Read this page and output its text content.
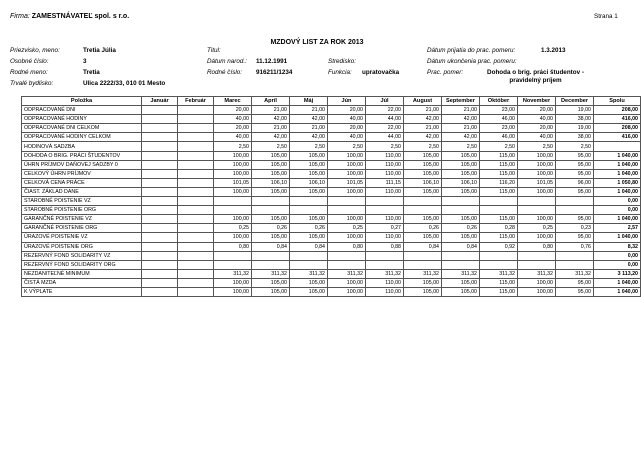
Firma: ZAMESTNÁVATEĽ spol. s r.o.	Strana 1
MZDOVÝ LIST ZA ROK 2013
Priezvisko, meno:	Tretia Júlia	Titul:	Dátum prijatia do prac. pomeru:	1.3.2013
Osobné číslo:	3	Dátum narod.: 11.12.1991	Stredisko:	Dátum ukončenia prac. pomeru:
Rodné meno:	Tretia	Rodné číslo: 916211/1234	Funkcia: upratovačka	Prac. pomer:	Dohoda o brig. práci študentov - pravidelný príjem
Trvalé bydlisko:	Ulica 2222/33, 010 01 Mesto
Položka	Január	Február	Marec	Apríl	Máj	Jún	Júl	August	September	Október	November	December	Spolu
ODPRACOVANÉ DNI			20,00	21,00	21,00	20,00	22,00	21,00	21,00	23,00	20,00	19,00	208,00
ODPRACOVANÉ HODINY			40,00	42,00	42,00	40,00	44,00	42,00	42,00	46,00	40,00	38,00	416,00
ODPRACOVANÉ DNI CELKOM			20,00	21,00	21,00	20,00	22,00	21,00	21,00	23,00	20,00	19,00	208,00
ODPRACOVANÉ HODINY CELKOM			40,00	42,00	42,00	40,00	44,00	42,00	42,00	46,00	40,00	38,00	416,00
HODINOVÁ SADZBA			2,50	2,50	2,50	2,50	2,50	2,50	2,50	2,50	2,50	2,50	
DOHODA O BRIG. PRÁCI ŠTUDENTOV			100,00	105,00	105,00	100,00	110,00	105,00	105,00	115,00	100,00	95,00	1 040,00
ÚHRN PRÍJMOV DAŇOVEJ SADZBY 0			100,00	105,00	105,00	100,00	110,00	105,00	105,00	115,00	100,00	95,00	1 040,00
CELKOVÝ ÚHRN PRÍJMOV			100,00	105,00	105,00	100,00	110,00	105,00	105,00	115,00	100,00	95,00	1 040,00
CELKOVÁ CENA PRÁCE			101,05	106,10	106,10	101,05	111,15	106,10	106,10	116,20	101,05	96,00	1 050,80
ČIAST. ZÁKLAD DANE			100,00	105,00	105,00	100,00	110,00	105,00	105,00	115,00	100,00	95,00	1 040,00
STAROBNÉ POISTENIE VZ													0,00
STAROBNÉ POISTENIE ORG													0,00
GARANČNÉ POISTENIE VZ			100,00	105,00	105,00	100,00	110,00	105,00	105,00	115,00	100,00	95,00	1 040,00
GARANČNÉ POISTENIE ORG			0,25	0,26	0,26	0,25	0,27	0,26	0,26	0,28	0,25	0,23	2,57
ÚRAZOVÉ POISTENIE VZ			100,00	105,00	105,00	100,00	110,00	105,00	105,00	115,00	100,00	95,00	1 040,00
ÚRAZOVÉ POISTENIE ORG			0,80	0,84	0,84	0,80	0,88	0,84	0,84	0,92	0,80	0,76	8,32
REZERVNÝ FOND SOLIDARITY VZ													0,00
REZERVNÝ FOND SOLIDARITY ORG													0,00
NEZDANITEĽNÉ MINIMUM			311,32	311,32	311,32	311,32	311,32	311,32	311,32	311,32	311,32	311,32	3 113,20
ČISTÁ MZDA			100,00	105,00	105,00	100,00	110,00	105,00	105,00	115,00	100,00	95,00	1 040,00
K VÝPLATE			100,00	105,00	105,00	100,00	110,00	105,00	105,00	115,00	100,00	95,00	1 040,00
